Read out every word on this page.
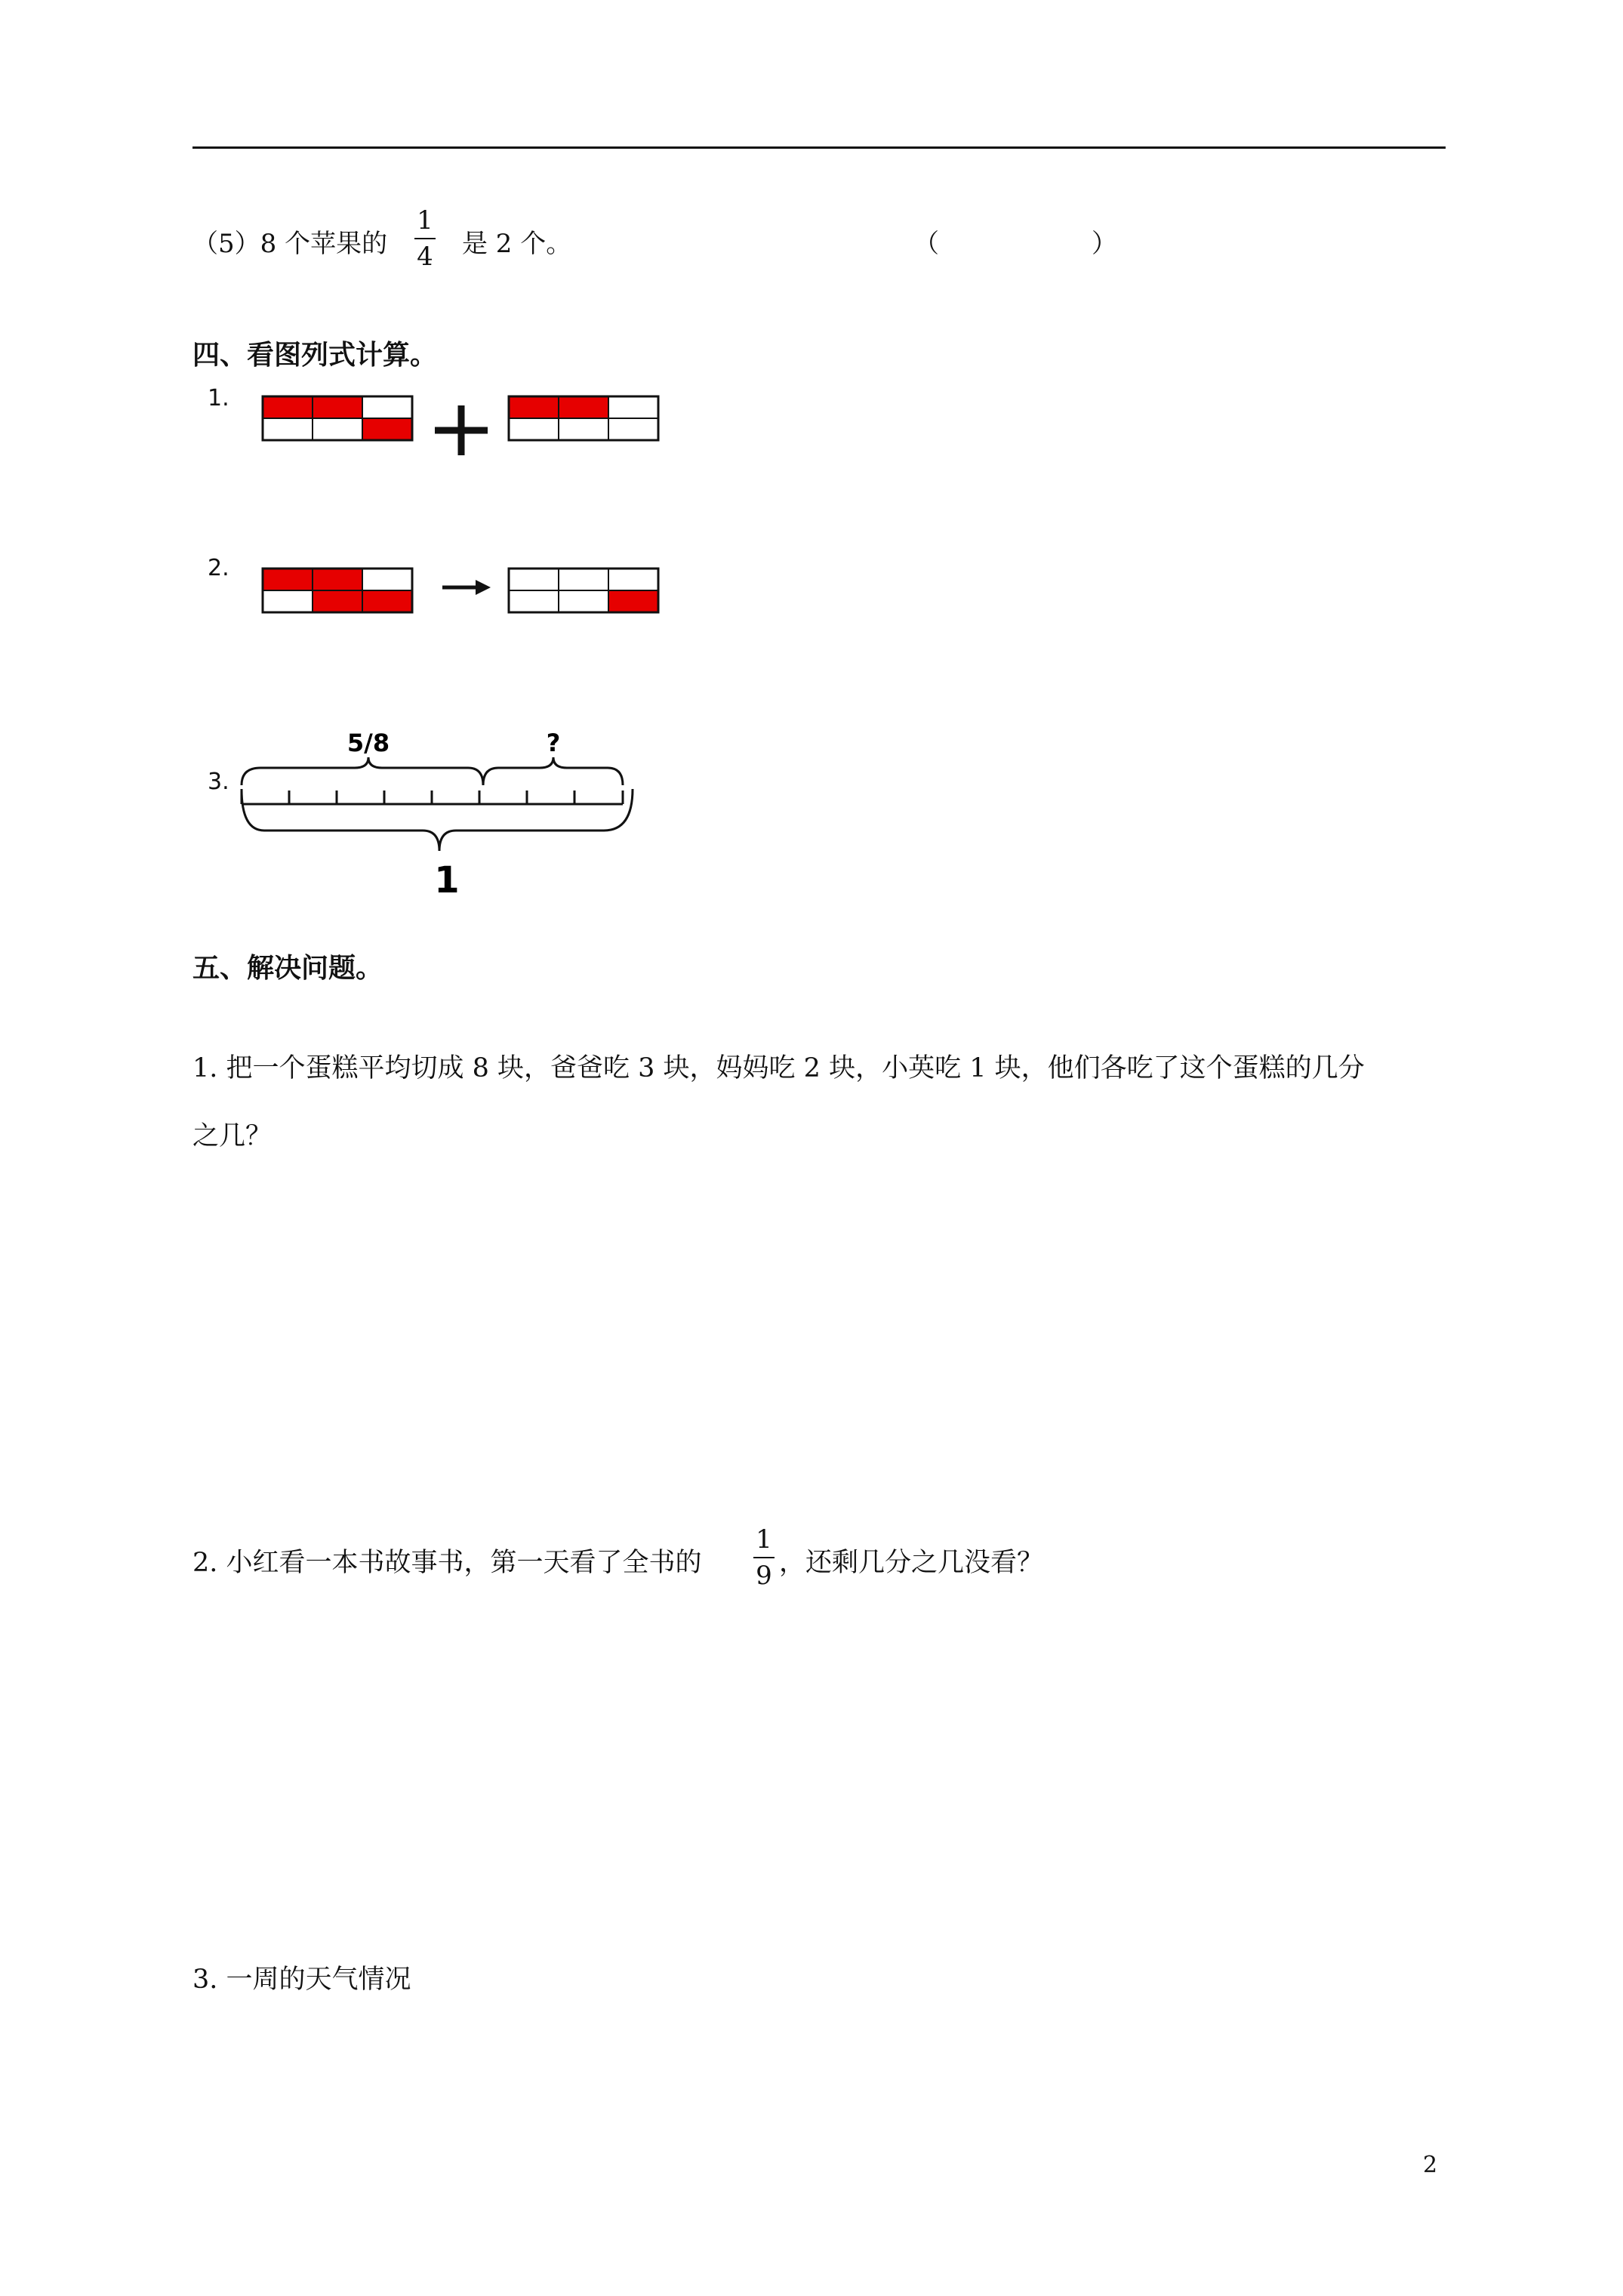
（5）8 个苹果的
1
4 是 2 个。	（	）
四、看图列式计算。
1.
2.
3.
5/8	?
1
五、解决问题。
1. 把一个蛋糕平均切成 8 块，爸爸吃 3 块，妈妈吃 2 块，小英吃 1 块，他们各吃了这个蛋糕的几分
之几？
2. 小红看一本书故事书，第一天看了全书的
1
9 ，还剩几分之几没看？
3. 一周的天气情况
2
